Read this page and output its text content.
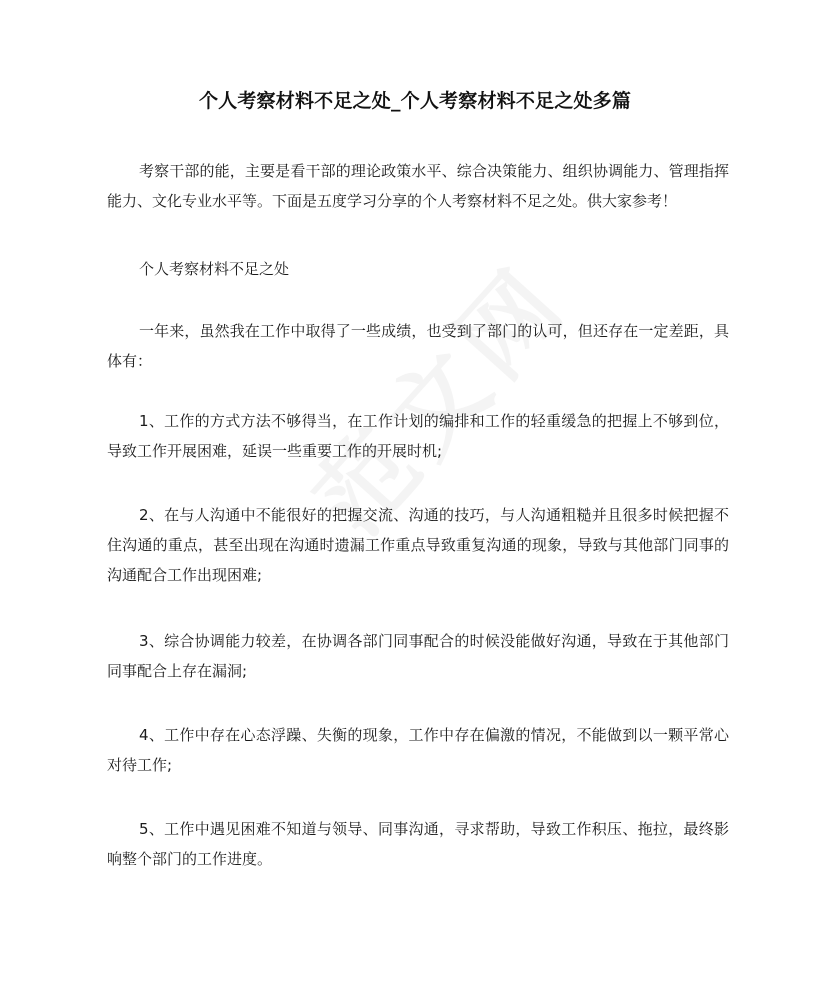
个人考察材料不足之处_个人考察材料不足之处多篇

考察干部的能，主要是看干部的理论政策水平、综合决策能力、组织协调能力、管理指挥能力、文化专业水平等。下面是五度学习分享的个人考察材料不足之处。供大家参考！

个人考察材料不足之处

一年来，虽然我在工作中取得了一些成绩，也受到了部门的认可，但还存在一定差距，具体有：

1、工作的方式方法不够得当，在工作计划的编排和工作的轻重缓急的把握上不够到位，导致工作开展困难，延误一些重要工作的开展时机;

2、在与人沟通中不能很好的把握交流、沟通的技巧，与人沟通粗糙并且很多时候把握不住沟通的重点，甚至出现在沟通时遗漏工作重点导致重复沟通的现象，导致与其他部门同事的沟通配合工作出现困难;

3、综合协调能力较差，在协调各部门同事配合的时候没能做好沟通，导致在于其他部门同事配合上存在漏洞;

4、工作中存在心态浮躁、失衡的现象，工作中存在偏激的情况，不能做到以一颗平常心对待工作;

5、工作中遇见困难不知道与领导、同事沟通，寻求帮助，导致工作积压、拖拉，最终影响整个部门的工作进度。
